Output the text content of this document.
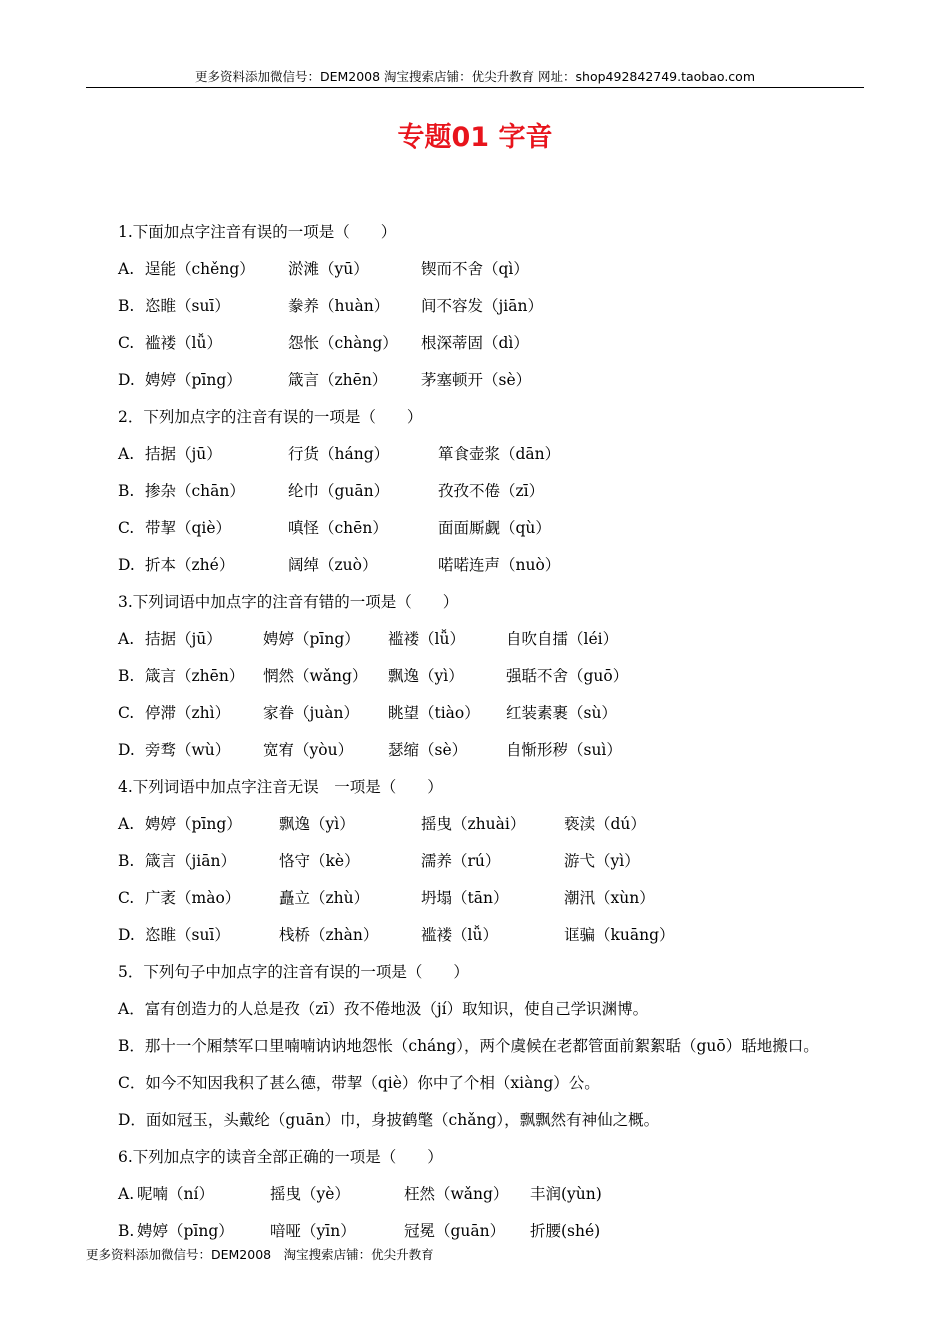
更多资料添加微信号：DEM2008 淘宝搜索店铺：优尖升教育 网址：shop492842749.taobao.com
专题01 字音
1.下面加点字注音有误的一项是（　　）
A. 逞能（chěng） 淤滩（yū）	锲而不舍（qì）
B. 恣睢（suī）	豢养（huàn） 间不容发（jiān）
C. 褴褛（lǚ）	怨怅（chàng） 根深蒂固（dì）
D. 娉婷（pīng）	箴言（zhēn） 茅塞顿开（sè）
2．下列加点字的注音有误的一项是（　　）
A. 拮据（jū）	行货（háng）	箪食壶浆（dān）
B. 掺杂（chān）	纶巾（guān）	孜孜不倦（zī）
C. 带挈（qiè）	嗔怪（chēn）	面面厮觑（qù）
D. 折本（zhé）	阔绰（zuò）	喏喏连声（nuò）
3.下列词语中加点字的注音有错的一项是（　　）
A. 拮据（jū）	娉婷（pīng） 褴褛（lǚ）	自吹自擂（léi）
B. 箴言（zhēn） 惘然（wǎng） 飘逸（yì）	强聒不舍（guō）
C. 停滞（zhì） 家眷（juàn） 眺望（tiào） 红装素裹（sù）
D. 旁骛（wù） 宽宥（yòu） 瑟缩（sè）	自惭形秽（suì）
4.下列词语中加点字注音无误　一项是（　　）
A. 娉婷（pīng） 飘逸（yì）	摇曳（zhuài） 亵渎（dú）
B. 箴言（jiān）	恪守（kè）	濡养（rú）	游弋（yì）
C. 广袤（mào） 矗立（zhù）	坍塌（tān）	潮汛（xùn）
D. 恣睢（suī）	栈桥（zhàn）	褴褛（lǚ）	诓骗（kuāng）
5．下列句子中加点字的注音有误的一项是（　　）
A．富有创造力的人总是孜（zī）孜不倦地汲（jí）取知识，使自己学识渊博。
B．那十一个厢禁军口里喃喃讷讷地怨怅（cháng），两个虞候在老都管面前絮絮聒（guō）聒地搬口。
C．如今不知因我积了甚么德，带挈（qiè）你中了个相（xiàng）公。
D．面如冠玉，头戴纶（guān）巾，身披鹤氅（chǎng），飘飘然有神仙之概。
6.下列加点字的读音全部正确的一项是（　　）
A. 呢喃（ní）	摇曳（yè）	枉然（wǎng） 丰润(yùn)
B. 娉婷（pīng） 喑哑（yīn）	冠冕（guān） 折腰(shé)
更多资料添加微信号：DEM2008　淘宝搜索店铺：优尖升教育
